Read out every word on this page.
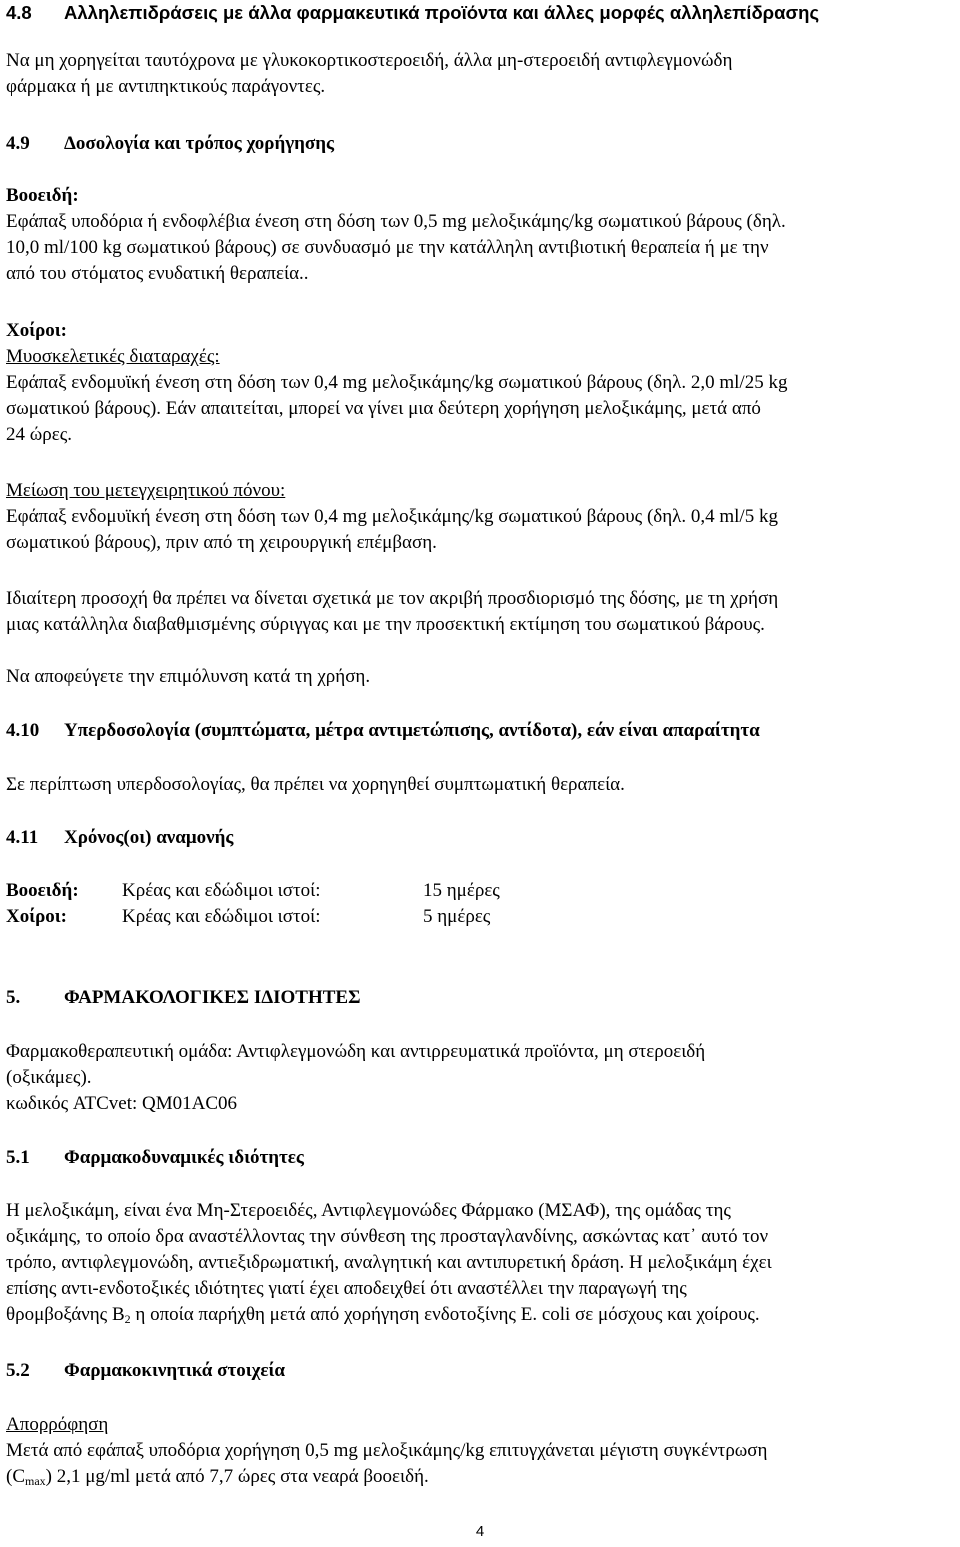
4.8 Αλληλεπιδράσεις με άλλα φαρμακευτικά προϊόντα και άλλες μορφές αλληλεπίδρασης
Να μη χορηγείται ταυτόχρονα με γλυκοκορτικοστεροειδή, άλλα μη-στεροειδή αντιφλεγμονώδη
φάρμακα ή με αντιπηκτικούς παράγοντες.
4.9 Δοσολογία και τρόπος χορήγησης
Βοοειδή:
Εφάπαξ υποδόρια ή ενδοφλέβια ένεση στη δόση των 0,5 mg μελοξικάμης/kg σωματικού βάρους (δηλ.
10,0 ml/100 kg σωματικού βάρους) σε συνδυασμό με την κατάλληλη αντιβιοτική θεραπεία ή με την
από του στόματος ενυδατική θεραπεία..
Χοίροι:
Μυοσκελετικές διαταραχές:
Εφάπαξ ενδομυϊκή ένεση στη δόση των 0,4 mg μελοξικάμης/kg σωματικού βάρους (δηλ. 2,0 ml/25 kg
σωματικού βάρους). Εάν απαιτείται, μπορεί να γίνει μια δεύτερη χορήγηση μελοξικάμης, μετά από
24 ώρες.
Μείωση του μετεγχειρητικού πόνου:
Εφάπαξ ενδομυϊκή ένεση στη δόση των 0,4 mg μελοξικάμης/kg σωματικού βάρους (δηλ. 0,4 ml/5 kg
σωματικού βάρους), πριν από τη χειρουργική επέμβαση.
Ιδιαίτερη προσοχή θα πρέπει να δίνεται σχετικά με τον ακριβή προσδιορισμό της δόσης, με τη χρήση
μιας κατάλληλα διαβαθμισμένης σύριγγας και με την προσεκτική εκτίμηση του σωματικού βάρους.
Να αποφεύγετε την επιμόλυνση κατά τη χρήση.
4.10 Υπερδοσολογία (συμπτώματα, μέτρα αντιμετώπισης, αντίδοτα), εάν είναι απαραίτητα
Σε περίπτωση υπερδοσολογίας, θα πρέπει να χορηγηθεί συμπτωματική θεραπεία.
4.11 Χρόνος(οι) αναμονής
Βοοειδή: Κρέας και εδώδιμοι ιστοί:	15 ημέρες
Χοίροι:	Κρέας και εδώδιμοι ιστοί:	5 ημέρες
5. ΦΑΡΜΑΚΟΛΟΓΙΚΕΣ ΙΔΙΟΤΗΤΕΣ
Φαρμακοθεραπευτική ομάδα: Αντιφλεγμονώδη και αντιρρευματικά προϊόντα, μη στεροειδή
(οξικάμες).
κωδικός ATCvet: QM01AC06
5.1 Φαρμακοδυναμικές ιδιότητες
Η μελοξικάμη, είναι ένα Μη-Στεροειδές, Αντιφλεγμονώδες Φάρμακο (ΜΣΑΦ), της ομάδας της
οξικάμης, το οποίο δρα αναστέλλοντας την σύνθεση της προσταγλανδίνης, ασκώντας κατ᾽ αυτό τον
τρόπο, αντιφλεγμονώδη, αντιεξιδρωματική, αναλγητική και αντιπυρετική δράση. Η μελοξικάμη έχει
επίσης αντι-ενδοτοξικές ιδιότητες γιατί έχει αποδειχθεί ότι αναστέλλει την παραγωγή της
θρομβοξάνης $B_2$ η οποία παρήχθη μετά από χορήγηση ενδοτοξίνης E. coli σε μόσχους και χοίρους.
5.2 Φαρμακοκινητικά στοιχεία
Απορρόφηση
Μετά από εφάπαξ υποδόρια χορήγηση 0,5 mg μελοξικάμης/kg επιτυγχάνεται μέγιστη συγκέντρωση
$(C_{max})$ 2,1 μg/ml μετά από 7,7 ώρες στα νεαρά βοοειδή.
4
